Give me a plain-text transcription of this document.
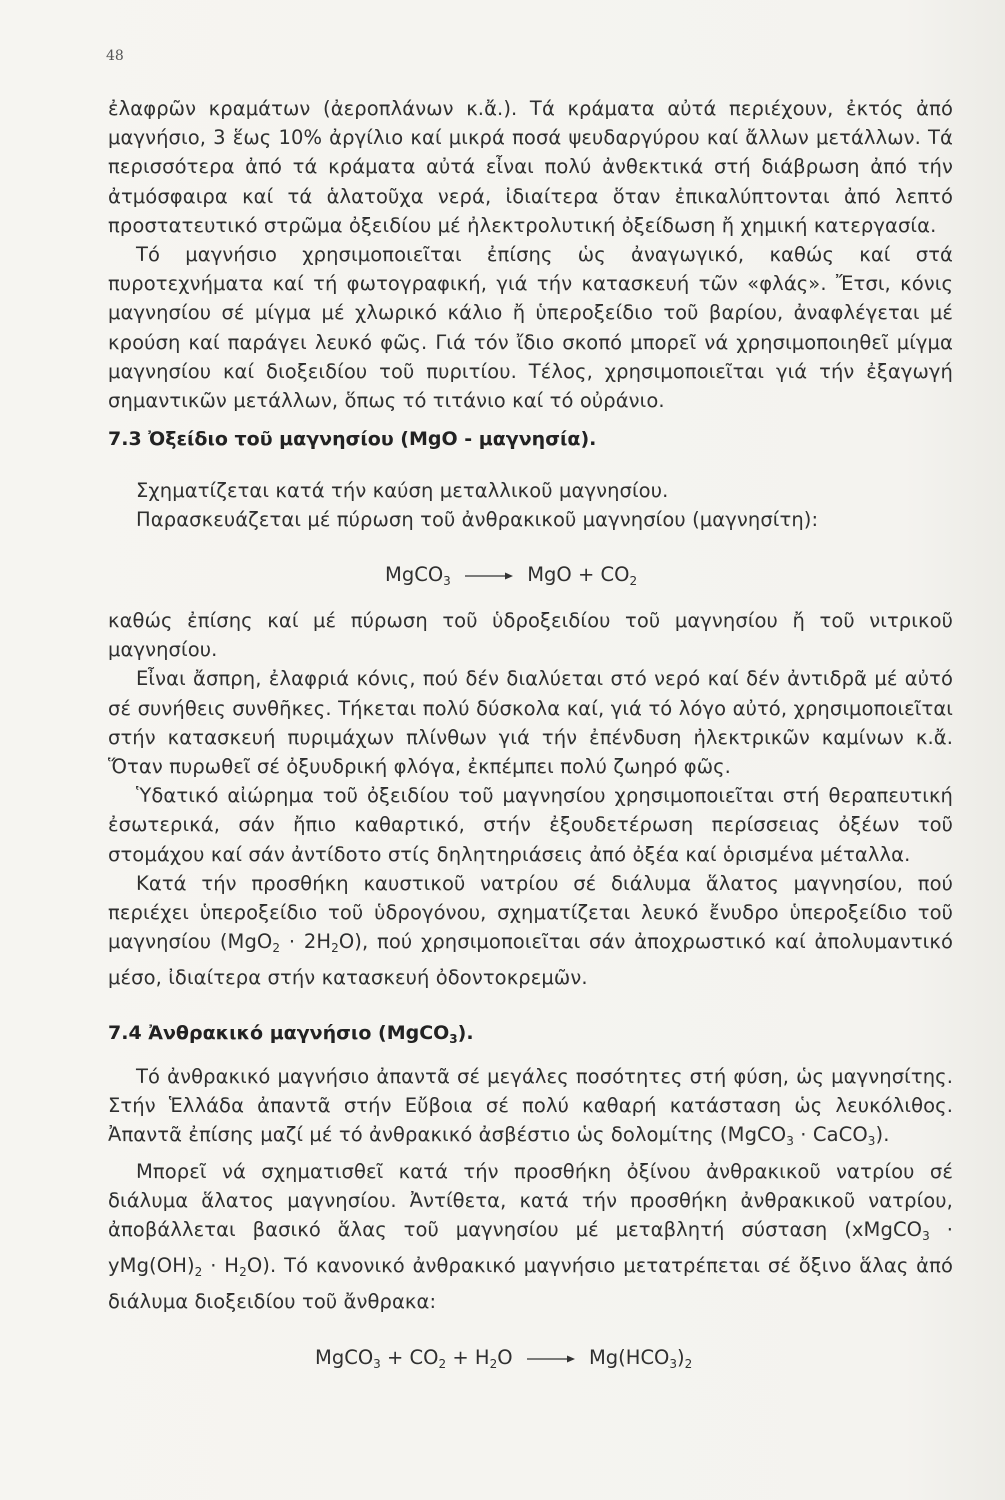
48

ἐλαφρῶν κραμάτων (ἀεροπλάνων κ.ἄ.). Τά κράματα αὐτά περιέχουν, ἐκτός ἀπό μαγνήσιο, 3 ἕως 10% ἀργίλιο καί μικρά ποσά ψευδαργύρου καί ἄλλων μετάλλων. Τά περισσότερα ἀπό τά κράματα αὐτά εἶναι πολύ ἀνθεκτικά στή διάβρωση ἀπό τήν ἀτμόσφαιρα καί τά ἁλατοῦχα νερά, ἰδιαίτερα ὅταν ἐπικαλύπτονται ἀπό λεπτό προστατευτικό στρῶμα ὀξειδίου μέ ἠλεκτρολυτική ὀξείδωση ἤ χημική κατεργασία.

Τό μαγνήσιο χρησιμοποιεῖται ἐπίσης ὡς ἀναγωγικό, καθώς καί στά πυροτεχνήματα καί τή φωτογραφική, γιά τήν κατασκευή τῶν «φλάς». Ἔτσι, κόνις μαγνησίου σέ μίγμα μέ χλωρικό κάλιο ἤ ὑπεροξείδιο τοῦ βαρίου, ἀναφλέγεται μέ κρούση καί παράγει λευκό φῶς. Γιά τόν ἴδιο σκοπό μπορεῖ νά χρησιμοποιηθεῖ μίγμα μαγνησίου καί διοξειδίου τοῦ πυριτίου. Τέλος, χρησιμοποιεῖται γιά τήν ἐξαγωγή σημαντικῶν μετάλλων, ὅπως τό τιτάνιο καί τό οὐράνιο.

7.3 Ὀξείδιο τοῦ μαγνησίου (MgO - μαγνησία).

Σχηματίζεται κατά τήν καύση μεταλλικοῦ μαγνησίου.

Παρασκευάζεται μέ πύρωση τοῦ ἀνθρακικοῦ μαγνησίου (μαγνησίτη):

MgCO$_3$ → MgO + $CO_2$

καθώς ἐπίσης καί μέ πύρωση τοῦ ὑδροξειδίου τοῦ μαγνησίου ἤ τοῦ νιτρικοῦ μαγνησίου.

Εἶναι ἄσπρη, ἐλαφριά κόνις, πού δέν διαλύεται στό νερό καί δέν ἀντιδρᾶ μέ αὐτό σέ συνήθεις συνθῆκες. Τήκεται πολύ δύσκολα καί, γιά τό λόγο αὐτό, χρησιμοποιεῖται στήν κατασκευή πυριμάχων πλίνθων γιά τήν ἐπένδυση ἠλεκτρικῶν καμίνων κ.ἄ. Ὅταν πυρωθεῖ σέ ὀξυυδρική φλόγα, ἐκπέμπει πολύ ζωηρό φῶς.

Ὑδατικό αἰώρημα τοῦ ὀξειδίου τοῦ μαγνησίου χρησιμοποιεῖται στή θεραπευτική ἐσωτερικά, σάν ἤπιο καθαρτικό, στήν ἐξουδετέρωση περίσσειας ὀξέων τοῦ στομάχου καί σάν ἀντίδοτο στίς δηλητηριάσεις ἀπό ὀξέα καί ὁρισμένα μέταλλα.

Κατά τήν προσθήκη καυστικοῦ νατρίου σέ διάλυμα ἅλατος μαγνησίου, πού περιέχει ὑπεροξείδιο τοῦ ὑδρογόνου, σχηματίζεται λευκό ἔνυδρο ὑπεροξείδιο τοῦ μαγνησίου $(MgO_2 \cdot 2H_2O)$, πού χρησιμοποιεῖται σάν ἀποχρωστικό καί ἀπολυμαντικό μέσο, ἰδιαίτερα στήν κατασκευή ὀδοντοκρεμῶν.

7.4 Ἀνθρακικό μαγνήσιο (MgCO$_3$).

Τό ἀνθρακικό μαγνήσιο ἀπαντᾶ σέ μεγάλες ποσότητες στή φύση, ὡς μαγνησίτης. Στήν Ἑλλάδα ἀπαντᾶ στήν Εὔβοια σέ πολύ καθαρή κατάσταση ὡς λευκόλιθος. Ἀπαντᾶ ἐπίσης μαζί μέ τό ἀνθρακικό ἀσβέστιο ὡς δολομίτης (MgCO$_3$ · CaCO$_3$).

Μπορεῖ νά σχηματισθεῖ κατά τήν προσθήκη ὀξίνου ἀνθρακικοῦ νατρίου σέ διάλυμα ἅλατος μαγνησίου. Ἀντίθετα, κατά τήν προσθήκη ἀνθρακικοῦ νατρίου, ἀποβάλλεται βασικό ἅλας τοῦ μαγνησίου μέ μεταβλητή σύσταση (xMgCO$_3$ · $yMg(OH)_2 \cdot H_2O$). Τό κανονικό ἀνθρακικό μαγνήσιο μετατρέπεται σέ ὄξινο ἅλας ἀπό διάλυμα διοξειδίου τοῦ ἄνθρακα:

MgCO$_3$ + $CO_2 + H_2O \to Mg(HCO_3)_2$
